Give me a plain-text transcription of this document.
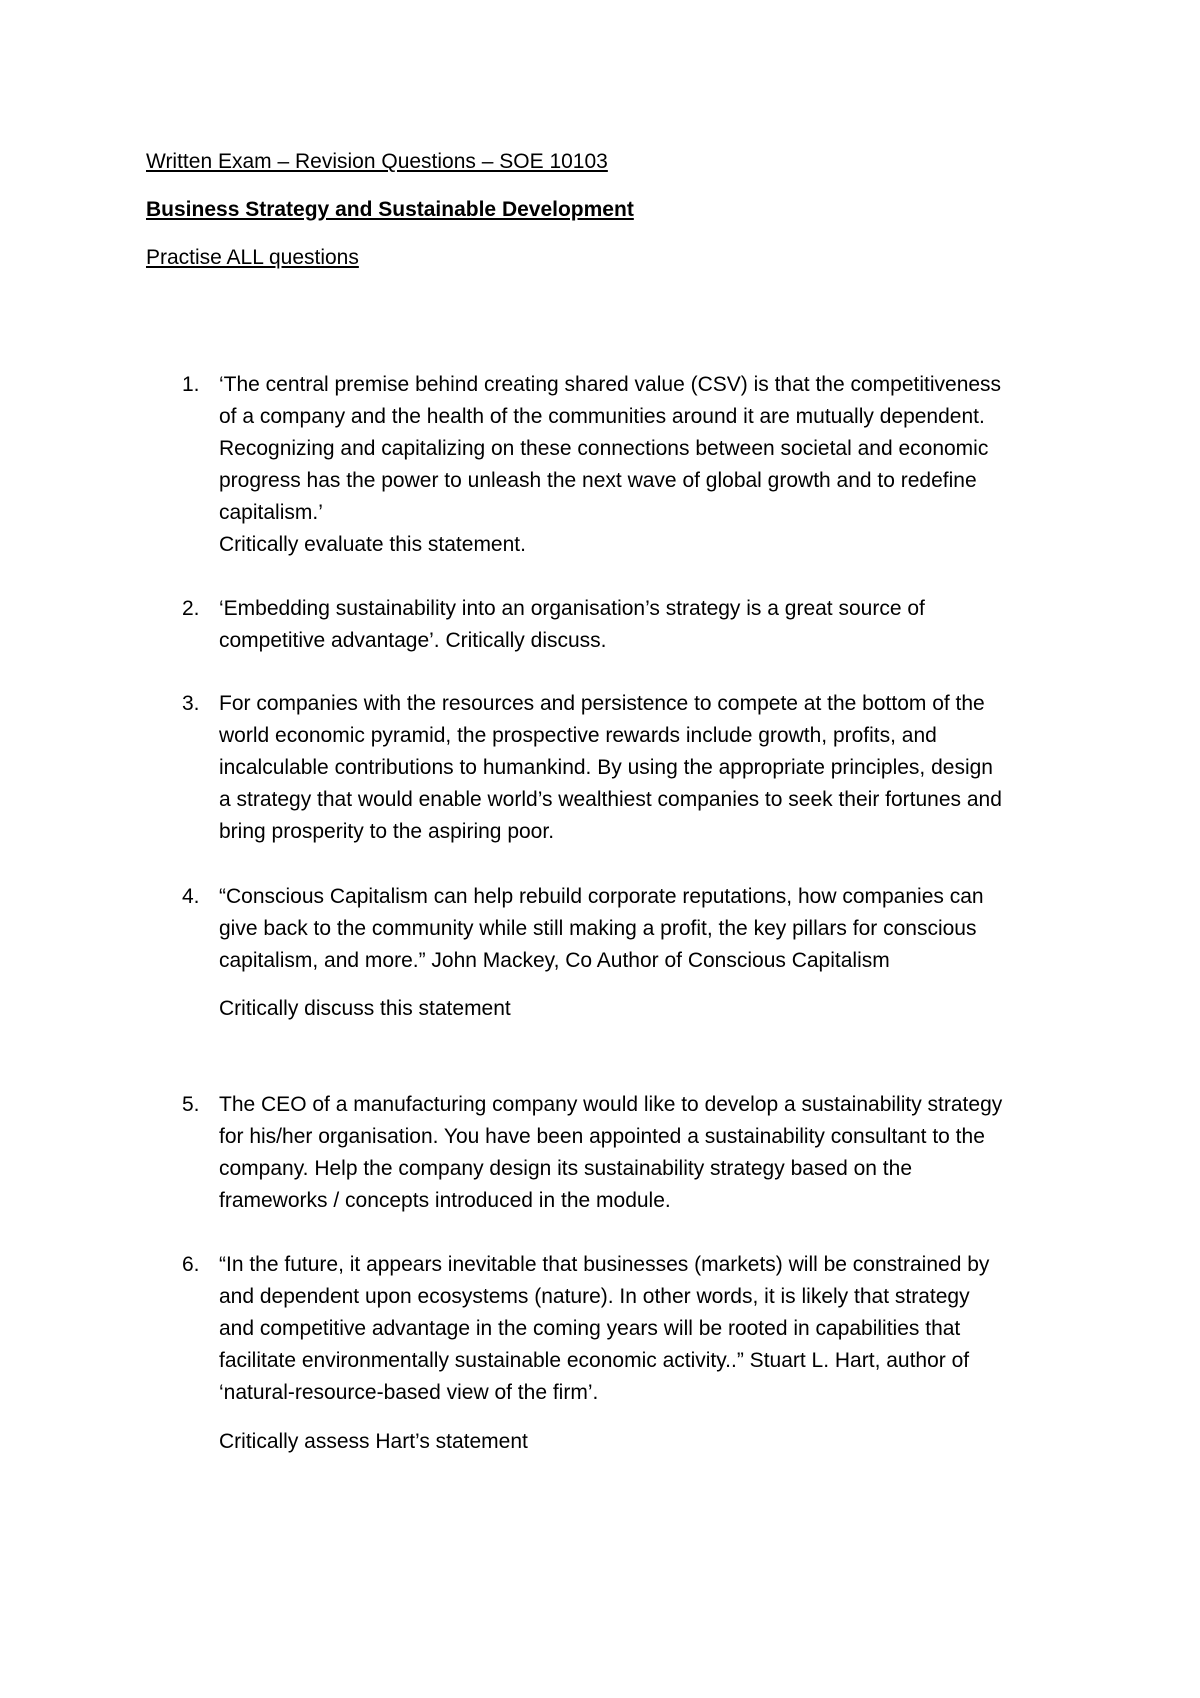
Written Exam – Revision Questions – SOE 10103
Business Strategy and Sustainable Development
Practise ALL questions
1. ‘The central premise behind creating shared value (CSV) is that the competitiveness
of a company and the health of the communities around it are mutually dependent.
Recognizing and capitalizing on these connections between societal and economic
progress has the power to unleash the next wave of global growth and to redefine
capitalism.’
Critically evaluate this statement.
2. ‘Embedding sustainability into an organisation’s strategy is a great source of
competitive advantage’. Critically discuss.
3. For companies with the resources and persistence to compete at the bottom of the
world economic pyramid, the prospective rewards include growth, profits, and
incalculable contributions to humankind. By using the appropriate principles, design
a strategy that would enable world’s wealthiest companies to seek their fortunes and
bring prosperity to the aspiring poor.
4. “Conscious Capitalism can help rebuild corporate reputations, how companies can
give back to the community while still making a profit, the key pillars for conscious
capitalism, and more.” John Mackey, Co Author of Conscious Capitalism
Critically discuss this statement
5. The CEO of a manufacturing company would like to develop a sustainability strategy
for his/her organisation. You have been appointed a sustainability consultant to the
company. Help the company design its sustainability strategy based on the
frameworks / concepts introduced in the module.
6. “In the future, it appears inevitable that businesses (markets) will be constrained by
and dependent upon ecosystems (nature). In other words, it is likely that strategy
and competitive advantage in the coming years will be rooted in capabilities that
facilitate environmentally sustainable economic activity..” Stuart L. Hart, author of
‘natural-resource-based view of the firm’.
Critically assess Hart’s statement
